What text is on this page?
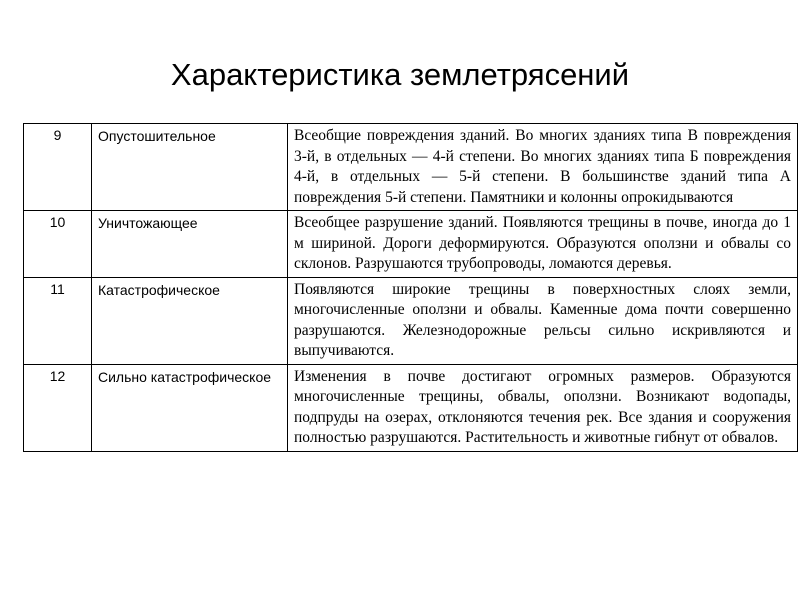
Характеристика землетрясений
9	Опустошительное	Всеобщие повреждения зданий. Во многих зданиях типа В повреждения 3-й, в отдельных — 4-й степени. Во многих зданиях типа Б повреждения 4-й, в отдельных — 5-й степени. В большинстве зданий типа А повреждения 5-й степени. Памятники и колонны опрокидываются
10	Уничтожающее	Всеобщее разрушение зданий. Появляются трещины в почве, иногда до 1 м шириной. Дороги деформируются. Образуются оползни и обвалы со склонов. Разрушаются трубопроводы, ломаются деревья.
11	Катастрофическое	Появляются широкие трещины в поверхностных слоях земли, многочисленные оползни и обвалы. Каменные дома почти совершенно разрушаются. Железнодорожные рельсы сильно искривляются и выпучиваются.
12	Сильно катастрофическое	Изменения в почве достигают огромных размеров. Образуются многочисленные трещины, обвалы, оползни. Возникают водопады, подпруды на озерах, отклоняются течения рек. Все здания и сооружения полностью разрушаются. Растительность и животные гибнут от обвалов.
